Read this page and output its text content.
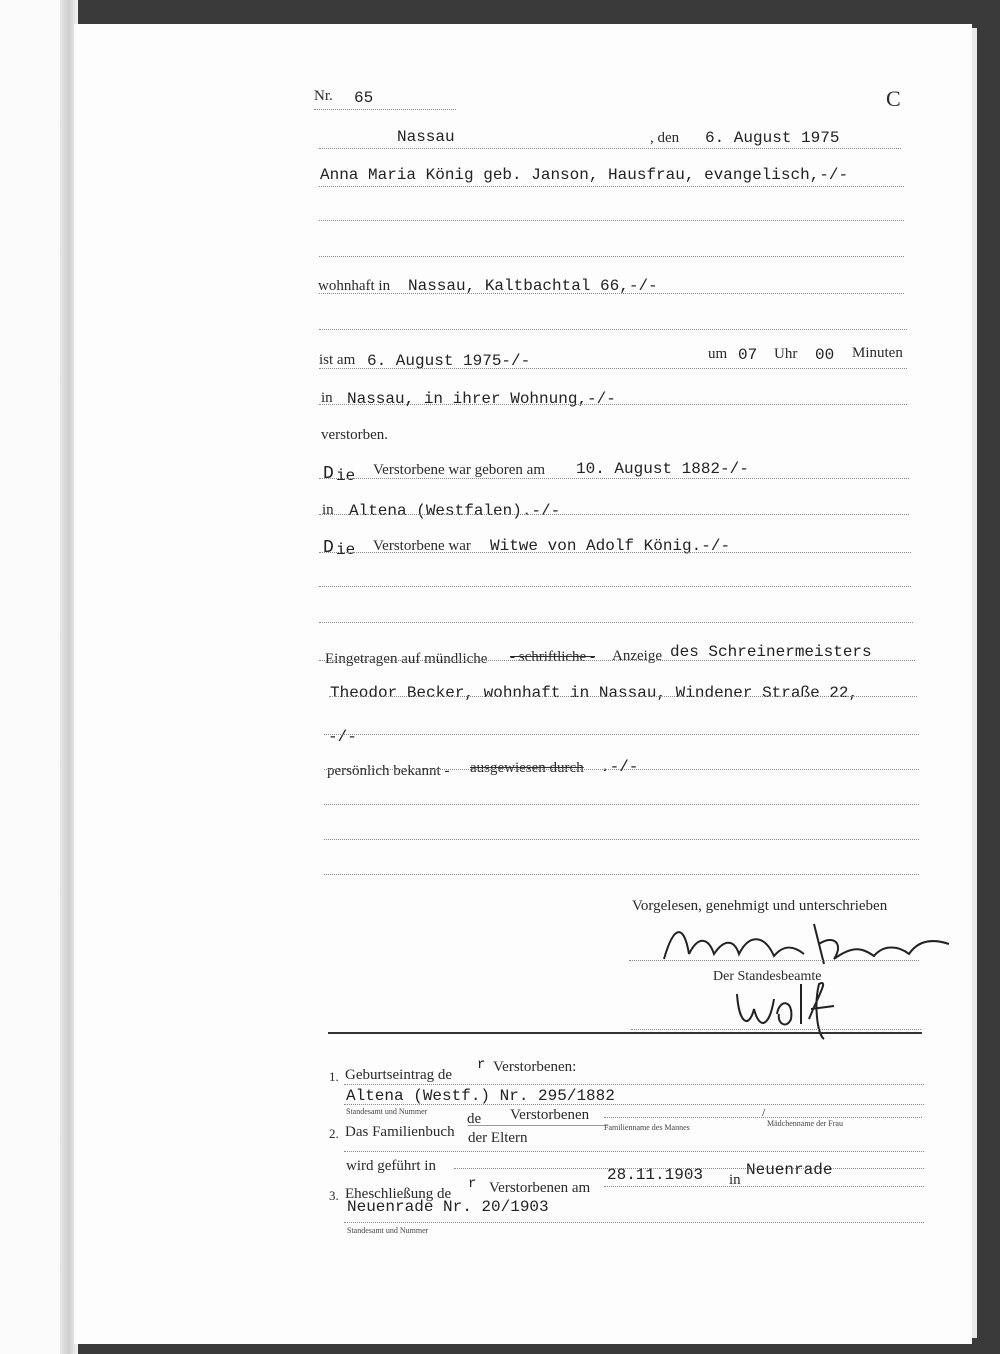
Nr. 65	C
Nassau	, den 6. August 1975
Anna Maria König geb. Janson, Hausfrau, evangelisch,-/-
wohnhaft in Nassau, Kaltbachtal 66,-/-
ist am 6. August 1975-/-	um 07 Uhr 00 Minuten
in Nassau, in ihrer Wohnung,-/-
verstorben.
D ie Verstorbene war geboren am 10. August 1882-/-
in Altena (Westfalen).-/-
D ie Verstorbene war Witwe von Adolf König.-/-
Eingetragen auf mündliche - schriftliche - Anzeige des Schreinermeisters
Theodor Becker, wohnhaft in Nassau, Windener Straße 22,
-/-
persönlich bekannt - ausgewiesen durch .-/-
Vorgelesen, genehmigt und unterschrieben
Der Standesbeamte
1. Geburtseintrag de
r Verstorbenen:
Altena (Westf.) Nr. 295/1882
Standesamt und Nummer
2. Das Familienbuch
de Verstorbenen
der Eltern
Familienname des Mannes
/
Mädchenname der Frau
wird geführt in
3. Eheschließung de
r Verstorbenen am
28.11.1903 in
Neuenrade
Neuenrade Nr. 20/1903
Standesamt und Nummer
